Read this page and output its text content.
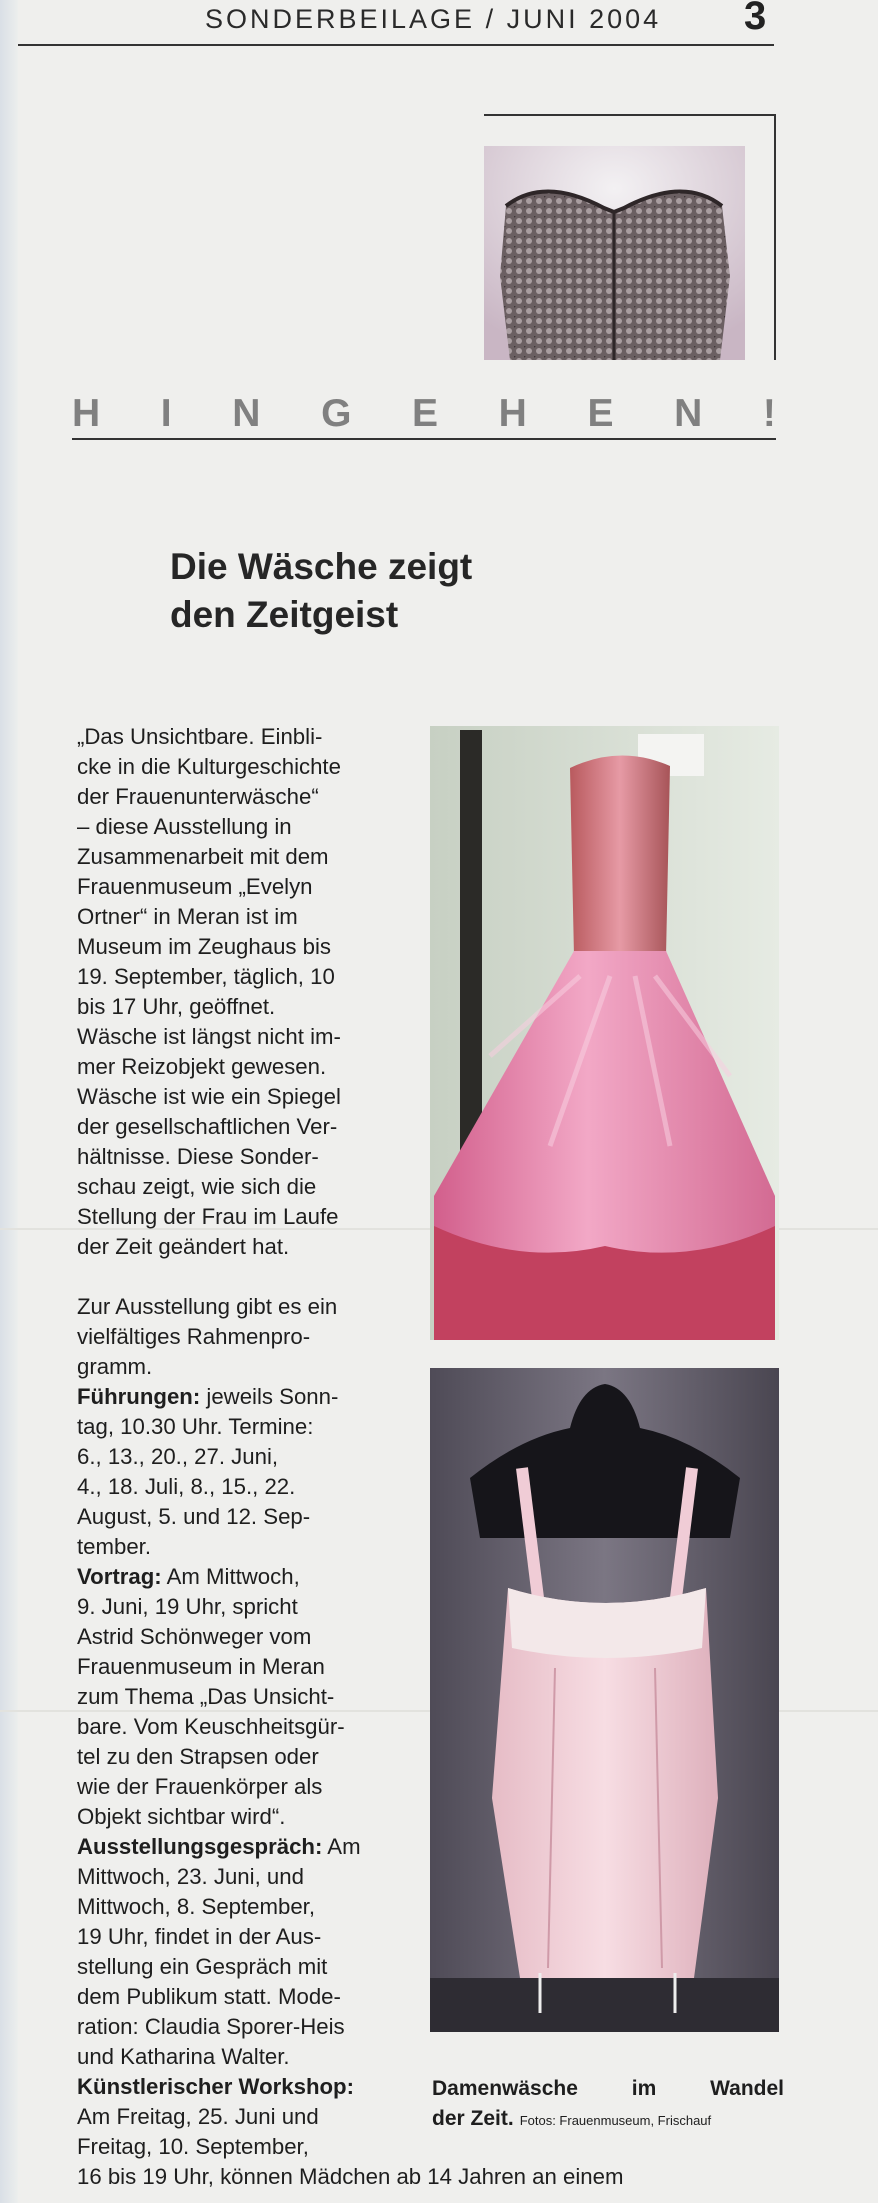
SONDERBEILAGE / JUNI 2004 3
H I N G E H E N !
Die Wäsche zeigt
den Zeitgeist

„Das Unsichtbare. Einbli-

cke in die Kulturgeschichte

der Frauenunterwäsche“

– diese Ausstellung in

Zusammenarbeit mit dem

Frauenmuseum „Evelyn

Ortner“ in Meran ist im

Museum im Zeughaus bis

19. September, täglich, 10

bis 17 Uhr, geöffnet.

Wäsche ist längst nicht im-

mer Reizobjekt gewesen.

Wäsche ist wie ein Spiegel

der gesellschaftlichen Ver-

hältnisse. Diese Sonder-

schau zeigt, wie sich die

Stellung der Frau im Laufe

der Zeit geändert hat.

Zur Ausstellung gibt es ein

vielfältiges Rahmenpro-

gramm.

Führungen: jeweils Sonn-

tag, 10.30 Uhr. Termine:

6., 13., 20., 27. Juni,

4., 18. Juli, 8., 15., 22.

August, 5. und 12. Sep-

tember.

Vortrag: Am Mittwoch,

9. Juni, 19 Uhr, spricht

Astrid Schönweger vom

Frauenmuseum in Meran

zum Thema „Das Unsicht-

bare. Vom Keuschheitsgür-

tel zu den Strapsen oder

wie der Frauenkörper als

Objekt sichtbar wird“.

Ausstellungsgespräch: Am

Mittwoch, 23. Juni, und

Mittwoch, 8. September,

19 Uhr, findet in der Aus-

stellung ein Gespräch mit

dem Publikum statt. Mode-

ration: Claudia Sporer-Heis

und Katharina Walter.

Künstlerischer Workshop:

Am Freitag, 25. Juni und

Freitag, 10. September,

16 bis 19 Uhr, können Mädchen ab 14 Jahren an einem

Damenwäsche	im	Wandel
der Zeit. Fotos: Frauenmuseum, Frischauf
